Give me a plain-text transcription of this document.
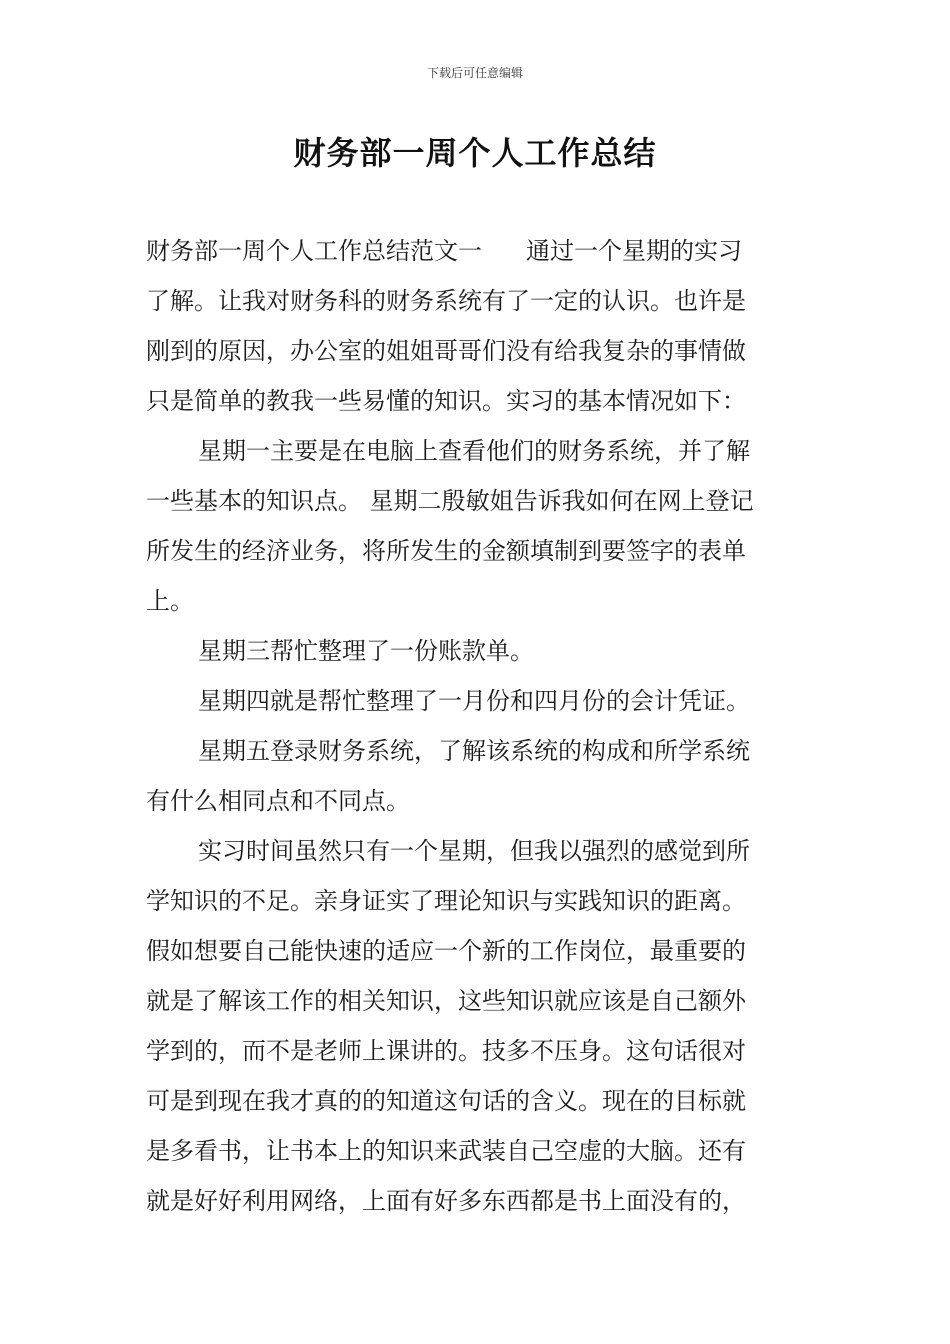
下载后可任意编辑
财务部一周个人工作总结
财务部一周个人工作总结范文一 通过一个星期的实习
了解。让我对财务科的财务系统有了一定的认识。也许是
刚到的原因，办公室的姐姐哥哥们没有给我复杂的事情做
只是简单的教我一些易懂的知识。实习的基本情况如下：
星期一主要是在电脑上查看他们的财务系统，并了解
一些基本的知识点。 星期二殷敏姐告诉我如何在网上登记
所发生的经济业务，将所发生的金额填制到要签字的表单
上。
星期三帮忙整理了一份账款单。
星期四就是帮忙整理了一月份和四月份的会计凭证。
星期五登录财务系统，了解该系统的构成和所学系统
有什么相同点和不同点。
实习时间虽然只有一个星期，但我以强烈的感觉到所
学知识的不足。亲身证实了理论知识与实践知识的距离。
假如想要自己能快速的适应一个新的工作岗位，最重要的
就是了解该工作的相关知识，这些知识就应该是自己额外
学到的，而不是老师上课讲的。技多不压身。这句话很对
可是到现在我才真的的知道这句话的含义。现在的目标就
是多看书，让书本上的知识来武装自己空虚的大脑。还有
就是好好利用网络，上面有好多东西都是书上面没有的，
